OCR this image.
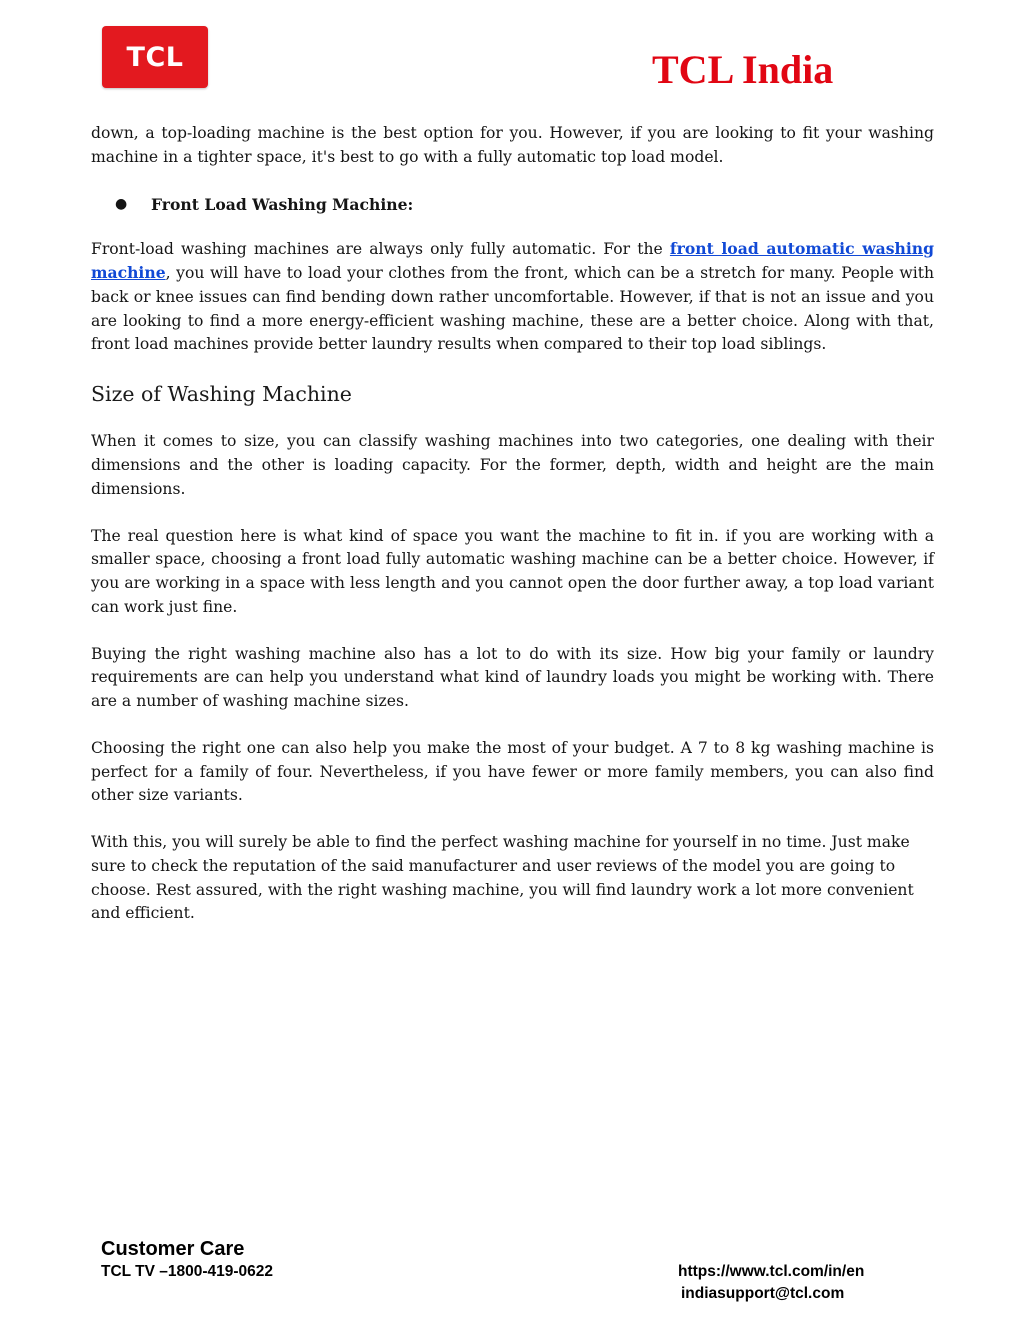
TCL	TCL India

down, a top-loading machine is the best option for you. However, if you are looking to fit your washing machine in a tighter space, it's best to go with a fully automatic top load model.

●	Front Load Washing Machine:

Front-load washing machines are always only fully automatic. For the front load automatic washing machine, you will have to load your clothes from the front, which can be a stretch for many. People with back or knee issues can find bending down rather uncomfortable. However, if that is not an issue and you are looking to find a more energy-efficient washing machine, these are a better choice. Along with that, front load machines provide better laundry results when compared to their top load siblings.

Size of Washing Machine

When it comes to size, you can classify washing machines into two categories, one dealing with their dimensions and the other is loading capacity. For the former, depth, width and height are the main dimensions.

The real question here is what kind of space you want the machine to fit in. if you are working with a smaller space, choosing a front load fully automatic washing machine can be a better choice. However, if you are working in a space with less length and you cannot open the door further away, a top load variant can work just fine.

Buying the right washing machine also has a lot to do with its size. How big your family or laundry requirements are can help you understand what kind of laundry loads you might be working with. There are a number of washing machine sizes.

Choosing the right one can also help you make the most of your budget. A 7 to 8 kg washing machine is perfect for a family of four. Nevertheless, if you have fewer or more family members, you can also find other size variants.

With this, you will surely be able to find the perfect washing machine for yourself in no time. Just make sure to check the reputation of the said manufacturer and user reviews of the model you are going to choose. Rest assured, with the right washing machine, you will find laundry work a lot more convenient and efficient.

Customer Care
TCL TV –1800-419-0622	https://www.tcl.com/in/en
indiasupport@tcl.com
